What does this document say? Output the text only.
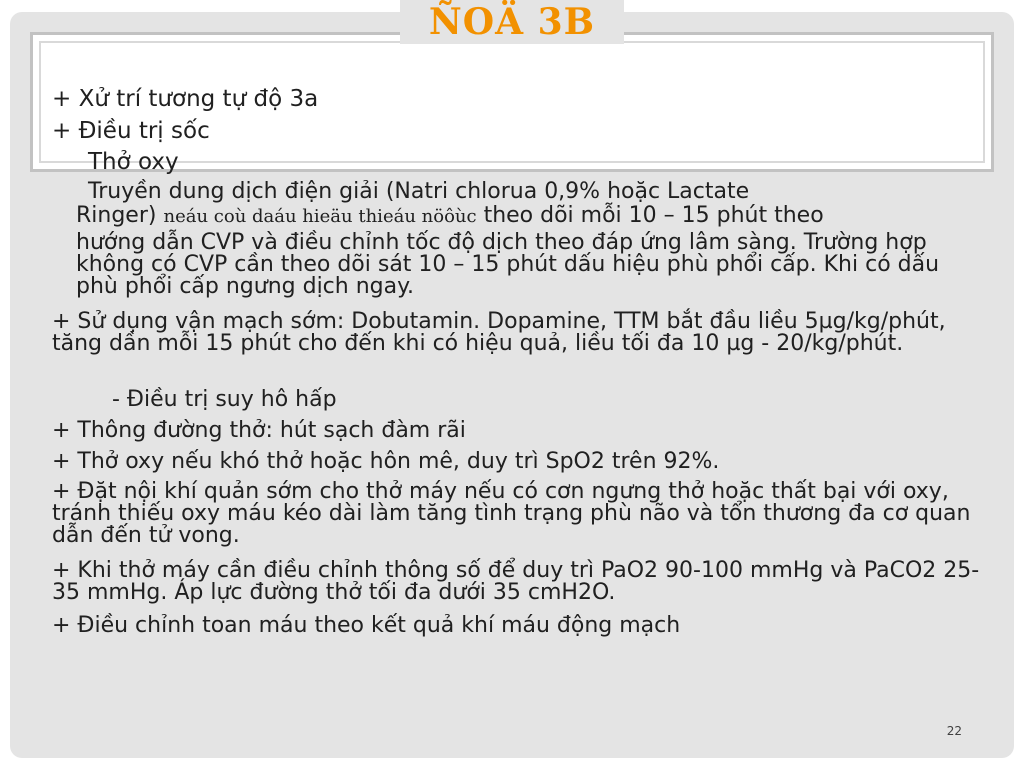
ÑOÄ 3B
+ Xử trí tương tự độ 3a
+ Điều trị sốc
Thở oxy
Truyền dung dịch điện giải (Natri chlorua 0,9% hoặc Lactate
Ringer) neáu coù daáu hieäu thieáu nöôùc theo dõi mỗi 10 – 15 phút theo
hướng dẫn CVP và điều chỉnh tốc độ dịch theo đáp ứng lâm sàng. Trường hợp không có CVP cần theo dõi sát 10 – 15 phút dấu hiệu phù phổi cấp. Khi có dấu phù phổi cấp ngưng dịch ngay.
+ Sử dụng vận mạch sớm: Dobutamin. Dopamine, TTM bắt đầu liều 5µg/kg/phút, tăng dần mỗi 15 phút cho đến khi có hiệu quả, liều tối đa 10 µg - 20/kg/phút.
- Điều trị suy hô hấp
+ Thông đường thở: hút sạch đàm rãi
+ Thở oxy nếu khó thở hoặc hôn mê, duy trì SpO2 trên 92%.
+ Đặt nội khí quản sớm cho thở máy nếu có cơn ngưng thở hoặc thất bại với oxy, tránh thiếu oxy máu kéo dài làm tăng tình trạng phù não và tổn thương đa cơ quan dẫn đến tử vong.
+ Khi thở máy cần điều chỉnh thông số để duy trì PaO2 90-100 mmHg và PaCO2 25-35 mmHg. Áp lực đường thở tối đa dưới 35 cmH2O.
+ Điều chỉnh toan máu theo kết quả khí máu động mạch
22
